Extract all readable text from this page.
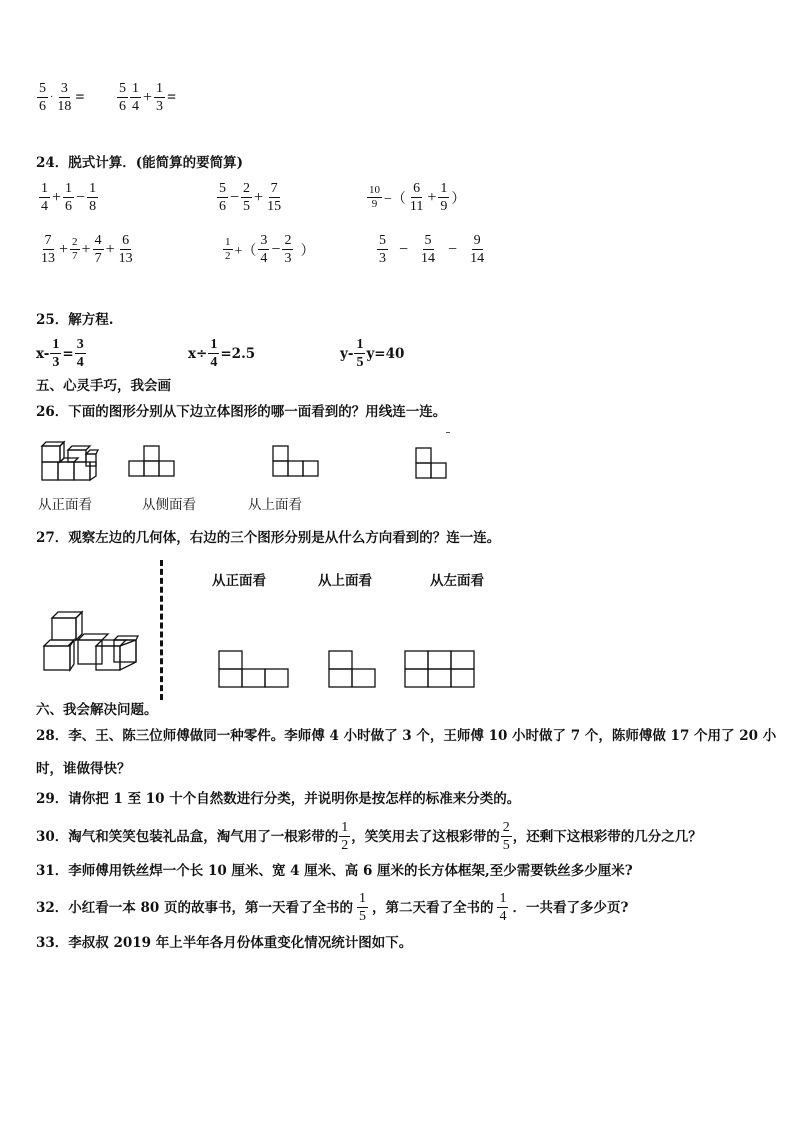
$\frac{5}{6} \cdot \frac{3}{18} = \frac{5}{6} \frac{1}{4} + \frac{1}{3}$ =
24．脱式计算．(能简算的要简算)
$\frac{1}{4} + \frac{1}{6} - \frac{1}{8}$	$\frac{5}{6} - \frac{2}{5} + \frac{7}{15}$	$\frac{10}{9}$ −（ $\frac{6}{11} + \frac{1}{9}$ ）
$\frac{7}{13} + \frac{2}{7} + \frac{4}{7} + \frac{6}{13}$	$\frac{1}{2}$ +（ $\frac{3}{4} - \frac{2}{3}$ ）	$\frac{5}{3} - \frac{5}{14} - \frac{9}{14}$
25．解方程.
$x- \frac{1}{3} = \frac{3}{4}$	$x\div \frac{1}{4} =2.5$	$y- \frac{1}{5} y=40$
五、心灵手巧，我会画
26．下面的图形分别从下边立体图形的哪一面看到的？用线连一连。
从正面看	从侧面看	从上面看
27．观察左边的几何体，右边的三个图形分别是从什么方向看到的？连一连。
从正面看	从上面看	从左面看
六、我会解决问题。
28．李、王、陈三位师傅做同一种零件。李师傅 4 小时做了 3 个，王师傅 10 小时做了 7 个，陈师傅做 17 个用了 20 小
时，谁做得快？
29．请你把 1 至 10 十个自然数进行分类，并说明你是按怎样的标准来分类的。
30．淘气和笑笑包装礼品盒，淘气用了一根彩带的 $\frac{1}{2}$ ，笑笑用去了这根彩带的 $\frac{2}{5}$ ，还剩下这根彩带的几分之几？
31．李师傅用铁丝焊一个长 10 厘米、宽 4 厘米、高 6 厘米的长方体框架,至少需要铁丝多少厘米?
32．小红看一本 80 页的故事书，第一天看了全书的 $\frac{1}{5}$ ，第二天看了全书的 $\frac{1}{4}$ ．一共看了多少页?
33．李叔叔 2019 年上半年各月份体重变化情况统计图如下。
